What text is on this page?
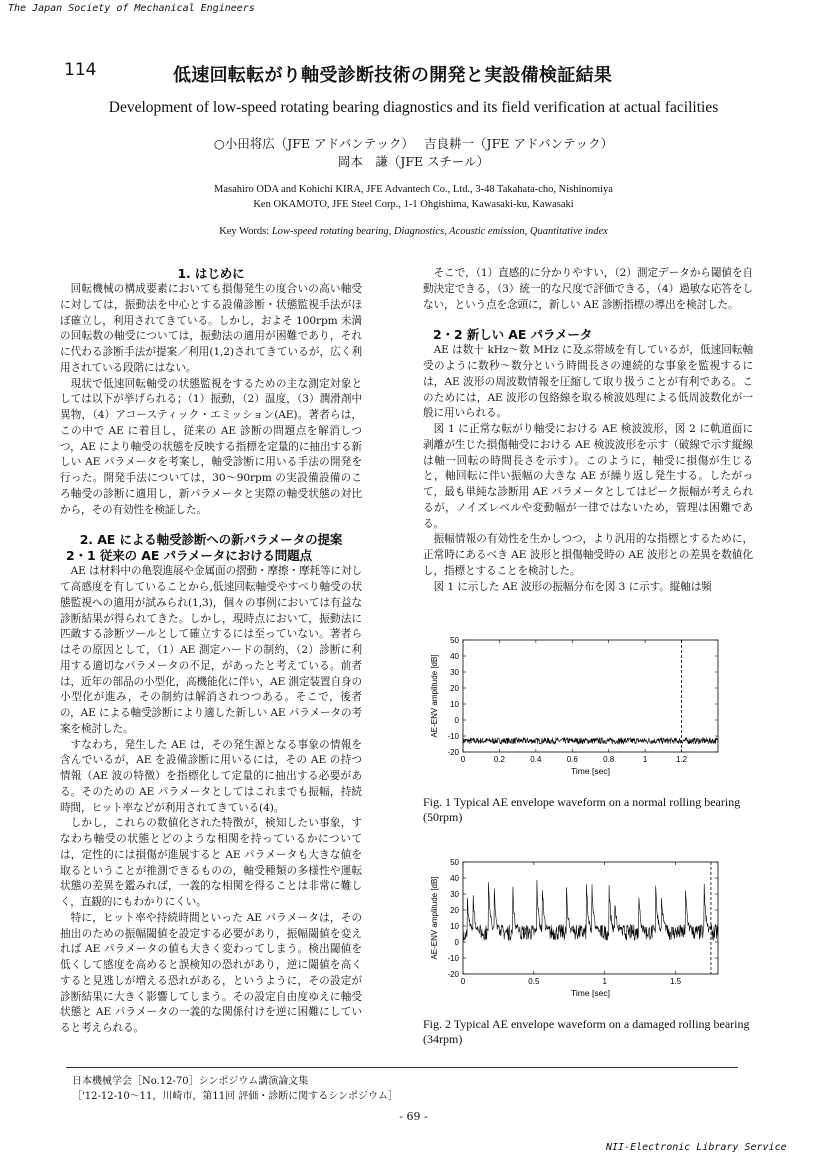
The Japan Society of Mechanical Engineers
114	低速回転転がり軸受診断技術の開発と実設備検証結果
Development of low-speed rotating bearing diagnostics and its field verification at actual facilities
○小田将広（JFE アドバンテック）　 吉良耕一（JFE アドバンテック）
岡本　謙（JFE スチール）
Masahiro ODA and Kohichi KIRA, JFE Advantech Co., Ltd., 3-48 Takahata-cho, Nishinomiya
Ken OKAMOTO, JFE Steel Corp., 1-1 Ohgishima, Kawasaki-ku, Kawasaki
Key Words: Low-speed rotating bearing, Diagnostics, Acoustic emission, Quantitative index
1. はじめに

回転機械の構成要素においても損傷発生の度合いの高い軸受に対しては，振動法を中心とする設備診断・状態監視手法がほぼ確立し，利用されてきている。しかし，およそ 100rpm 未満の回転数の軸受については，振動法の適用が困難であり，それに代わる診断手法が提案／利用(1,2)されてきているが，広く利用されている段階にはない。

現状で低速回転軸受の状態監視をするための主な測定対象としては以下が挙げられる；（1）振動，（2）温度，（3）潤滑剤中異物，（4）アコースティック・エミッション(AE)。著者らは，この中で AE に着目し，従来の AE 診断の問題点を解消しつつ，AE により軸受の状態を反映する指標を定量的に抽出する新しい AE パラメータを考案し，軸受診断に用いる手法の開発を行った。開発手法については，30～90rpm の実設備設備のころ軸受の診断に適用し，新パラメータと実際の軸受状態の対比から，その有効性を検証した。

2. AE による軸受診断への新パラメータの提案
2・1 従来の AE パラメータにおける問題点

AE は材料中の亀裂進展や金属面の摺動・摩擦・摩耗等に対して高感度を有していることから,低速回転軸受やすべり軸受の状態監視への適用が試みられ(1,3)，個々の事例においては有益な診断結果が得られてきた。しかし，現時点において，振動法に匹敵する診断ツールとして確立するには至っていない。著者らはその原因として，（1）AE 測定ハードの制約，（2）診断に利用する適切なパラメータの不足，があったと考えている。前者は，近年の部品の小型化，高機能化に伴い，AE 測定装置自身の小型化が進み，その制約は解消されつつある。そこで，後者の，AE による軸受診断により適した新しい AE パラメータの考案を検討した。

すなわち，発生した AE は，その発生源となる事象の情報を含んでいるが，AE を設備診断に用いるには，その AE の持つ情報（AE 波の特徴）を指標化して定量的に抽出する必要がある。そのための AE パラメータとしてはこれまでも振幅，持続時間，ヒット率などが利用されてきている(4)。

しかし，これらの数値化された特徴が，検知したい事象，すなわち軸受の状態とどのような相関を持っているかについては，定性的には損傷が進展すると AE パラメータも大きな値を取るということが推測できるものの，軸受種類の多様性や運転状態の差異を鑑みれば，一義的な相関を得ることは非常に難しく，直観的にもわかりにくい。

特に，ヒット率や持続時間といった AE パラメータは，その抽出のための振幅閾値を設定する必要があり，振幅閾値を変えれば AE パラメータの値も大きく変わってしまう。検出閾値を低くして感度を高めると誤検知の恐れがあり，逆に閾値を高くすると見逃しが増える恐れがある，というように，その設定が診断結果に大きく影響してしまう。その設定自由度ゆえに軸受状態と AE パラメータの一義的な関係付けを逆に困難にしていると考えられる。

そこで，（1）直感的に分かりやすい，（2）測定データから閾値を自動決定できる，（3）統一的な尺度で評価できる，（4）過敏な応答をしない，という点を念頭に，新しい AE 診断指標の導出を検討した。

2・2 新しい AE パラメータ

AE は数十 kHz～数 MHz に及ぶ帯域を有しているが，低速回転軸受のように数秒～数分という時間長さの連続的な事象を監視するには，AE 波形の周波数情報を圧縮して取り扱うことが有利である。このためには，AE 波形の包絡線を取る検波処理による低周波数化が一般に用いられる。

図 1 に正常な転がり軸受における AE 検波波形，図 2 に軌道面に剥離が生じた損傷軸受における AE 検波波形を示す（破線で示す縦線は軸一回転の時間長さを示す）。このように，軸受に損傷が生じると，軸回転に伴い振幅の大きな AE が繰り返し発生する。したがって，最も単純な診断用 AE パラメータとしてはピーク振幅が考えられるが，ノイズレベルや変動幅が一律ではないため，管理は困難である。

振幅情報の有効性を生かしつつ，より汎用的な指標とするために，正常時にあるべき AE 波形と損傷軸受時の AE 波形との差異を数値化し，指標とすることを検討した。

図 1 に示した AE 波形の振幅分布を図 3 に示す。縦軸は頻

-20
-10
0
10
20
30
40
50
0	0.2	0.4	0.6	0.8	1	1.2
Time [sec]
AE-ENV amplitude [dB]
Fig. 1 Typical AE envelope waveform on a normal rolling bearing (50rpm)
-20
-10
0
10
20
30
40
50
0	0.5	1	1.5
Time [sec]
AE-ENV amplitude [dB]
Fig. 2 Typical AE envelope waveform on a damaged rolling bearing (34rpm)
日本機械学会［No.12-70］シンポジウム講演論文集
［'12-12-10～11，川崎市，第11回 評価・診断に関するシンポジウム］
- 69 -
NII-Electronic Library Service
